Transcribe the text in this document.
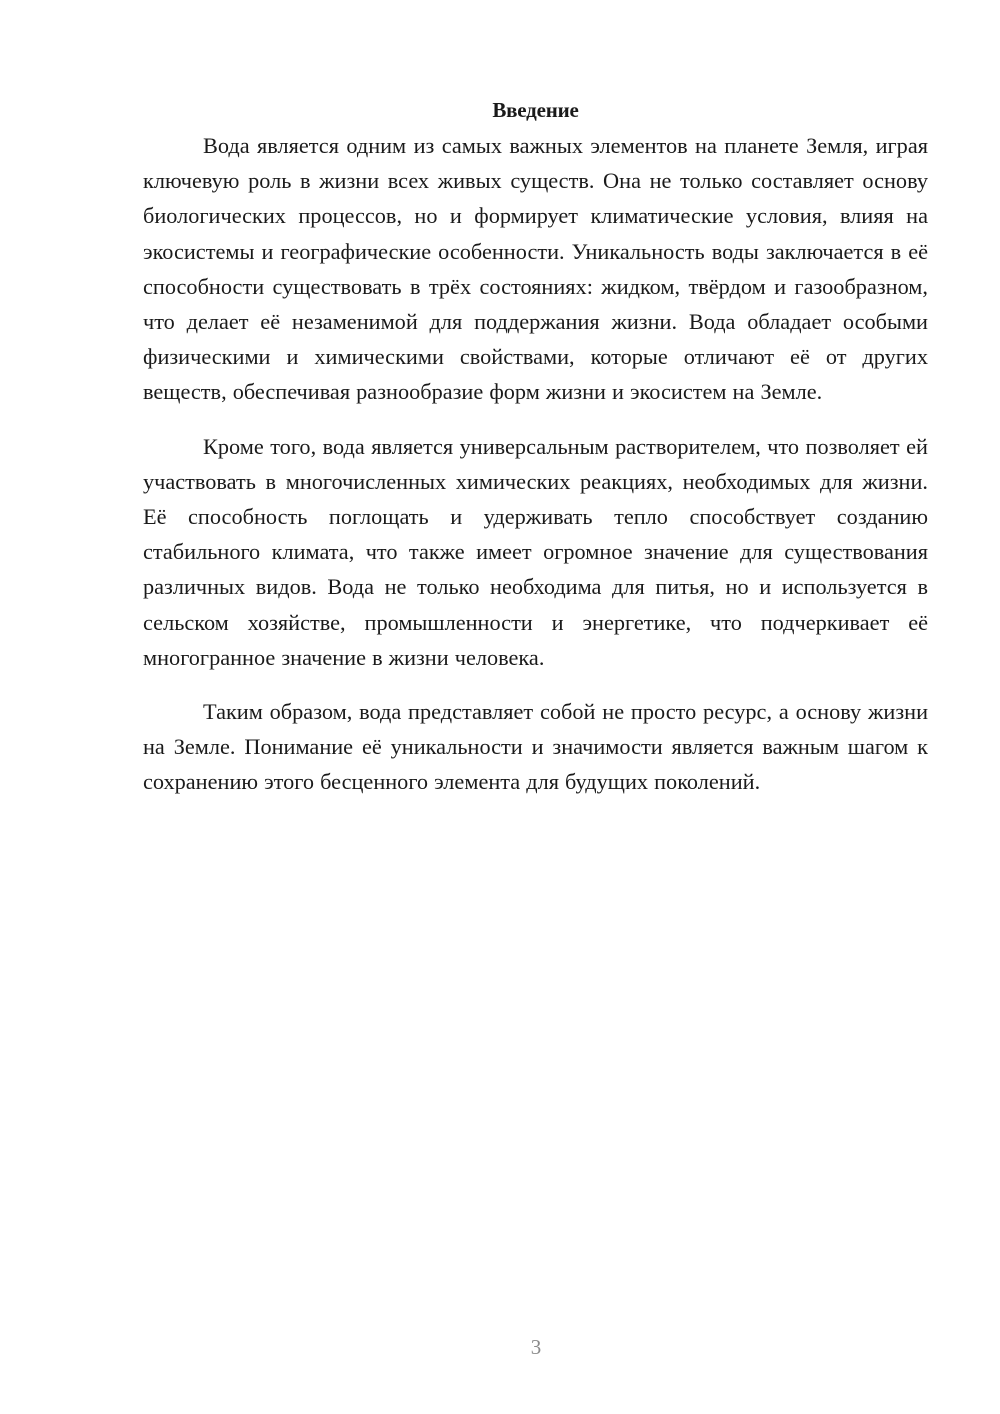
Введение

Вода является одним из самых важных элементов на планете Земля, играя ключевую роль в жизни всех живых существ. Она не только составляет основу биологических процессов, но и формирует климатические условия, влияя на экосистемы и географические особенности. Уникальность воды заключается в её способности существовать в трёх состояниях: жидком, твёрдом и газообразном, что делает её незаменимой для поддержания жизни. Вода обладает особыми физическими и химическими свойствами, которые отличают её от других веществ, обеспечивая разнообразие форм жизни и экосистем на Земле.

Кроме того, вода является универсальным растворителем, что позволяет ей участвовать в многочисленных химических реакциях, необходимых для жизни. Её способность поглощать и удерживать тепло способствует созданию стабильного климата, что также имеет огромное значение для существования различных видов. Вода не только необходима для питья, но и используется в сельском хозяйстве, промышленности и энергетике, что подчеркивает её многогранное значение в жизни человека.

Таким образом, вода представляет собой не просто ресурс, а основу жизни на Земле. Понимание её уникальности и значимости является важным шагом к сохранению этого бесценного элемента для будущих поколений.

3
